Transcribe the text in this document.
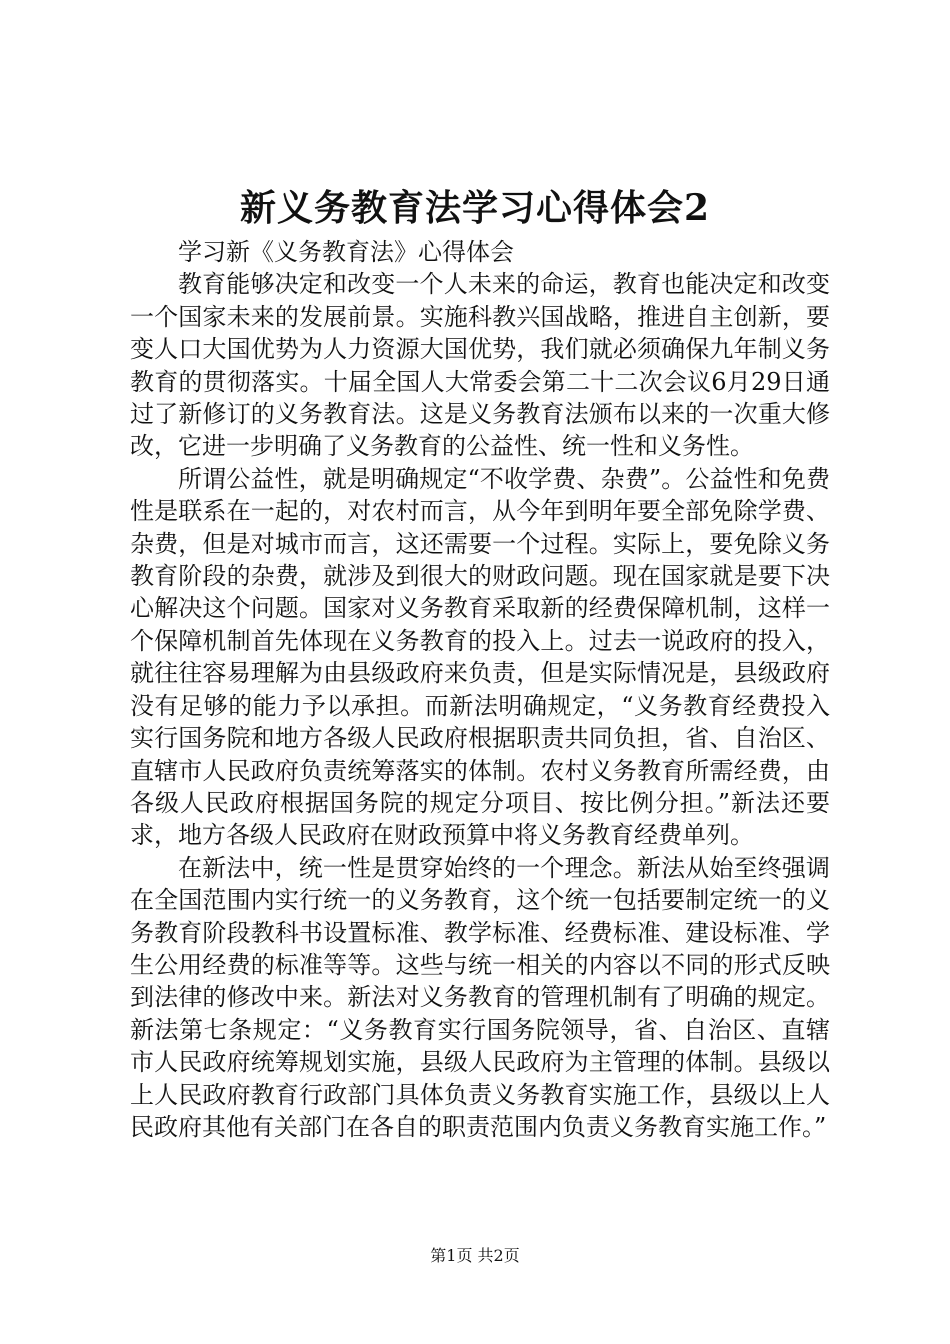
新义务教育法学习心得体会2

学习新《义务教育法》心得体会

教育能够决定和改变一个人未来的命运，教育也能决定和改变一个国家未来的发展前景。实施科教兴国战略，推进自主创新，要变人口大国优势为人力资源大国优势，我们就必须确保九年制义务教育的贯彻落实。十届全国人大常委会第二十二次会议6月29日通过了新修订的义务教育法。这是义务教育法颁布以来的一次重大修改，它进一步明确了义务教育的公益性、统一性和义务性。

所谓公益性，就是明确规定“不收学费、杂费”。公益性和免费性是联系在一起的，对农村而言，从今年到明年要全部免除学费、杂费，但是对城市而言，这还需要一个过程。实际上，要免除义务教育阶段的杂费，就涉及到很大的财政问题。现在国家就是要下决心解决这个问题。国家对义务教育采取新的经费保障机制，这样一个保障机制首先体现在义务教育的投入上。过去一说政府的投入，就往往容易理解为由县级政府来负责，但是实际情况是，县级政府没有足够的能力予以承担。而新法明确规定，“义务教育经费投入实行国务院和地方各级人民政府根据职责共同负担，省、自治区、直辖市人民政府负责统筹落实的体制。农村义务教育所需经费，由各级人民政府根据国务院的规定分项目、按比例分担。”新法还要求，地方各级人民政府在财政预算中将义务教育经费单列。

在新法中，统一性是贯穿始终的一个理念。新法从始至终强调在全国范围内实行统一的义务教育，这个统一包括要制定统一的义务教育阶段教科书设置标准、教学标准、经费标准、建设标准、学生公用经费的标准等等。这些与统一相关的内容以不同的形式反映到法律的修改中来。新法对义务教育的管理机制有了明确的规定。新法第七条规定：“义务教育实行国务院领导，省、自治区、直辖市人民政府统筹规划实施，县级人民政府为主管理的体制。县级以上人民政府教育行政部门具体负责义务教育实施工作，县级以上人民政府其他有关部门在各自的职责范围内负责义务教育实施工作。”

第1页 共2页
